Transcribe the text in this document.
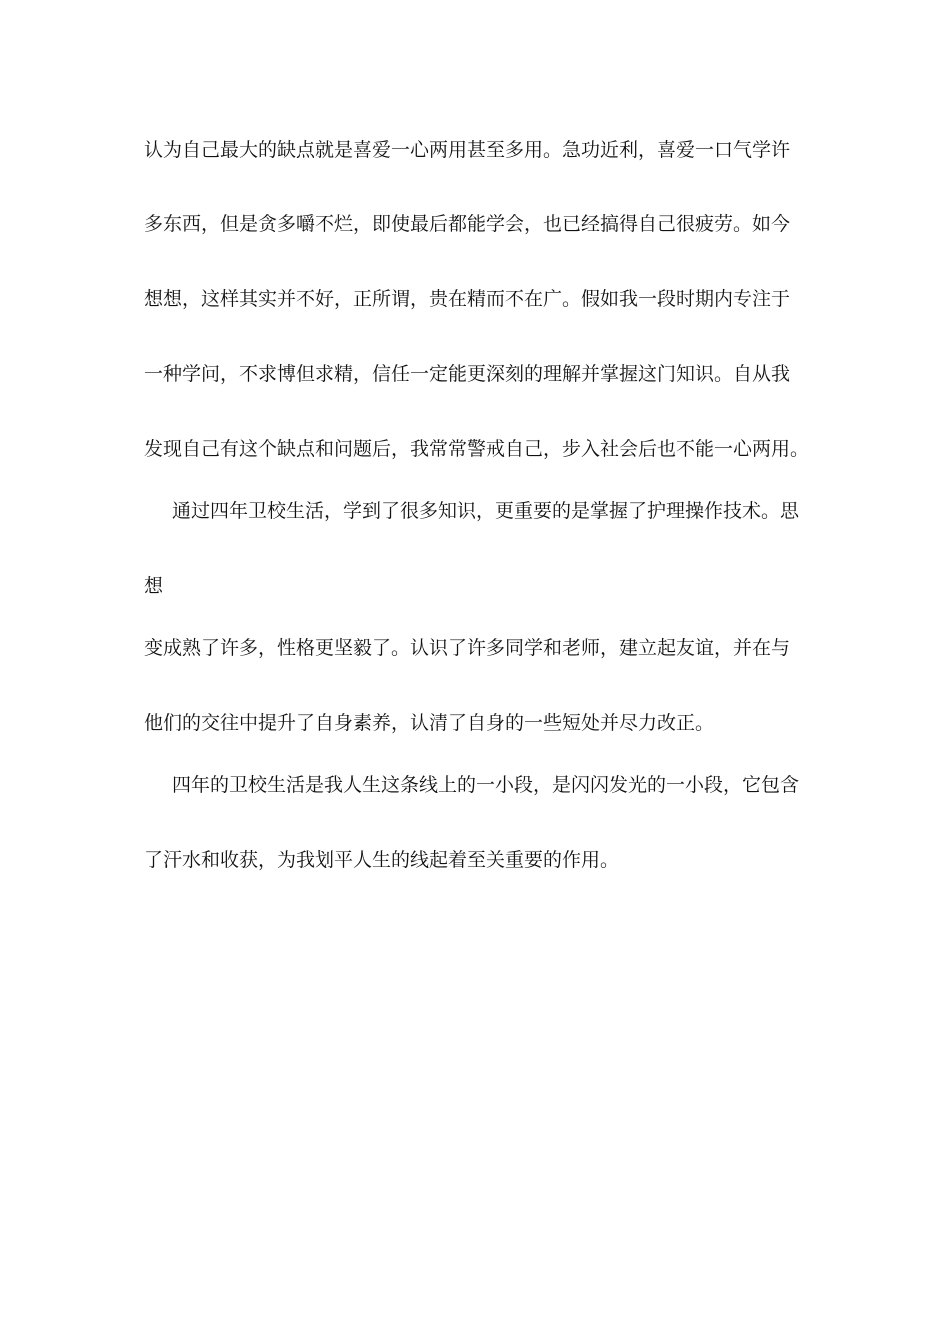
认为自己最大的缺点就是喜爱一心两用甚至多用。急功近利，喜爱一口气学许

多东西，但是贪多嚼不烂，即使最后都能学会，也已经搞得自己很疲劳。如今

想想，这样其实并不好，正所谓，贵在精而不在广。假如我一段时期内专注于

一种学问，不求博但求精，信任一定能更深刻的理解并掌握这门知识。自从我

发现自己有这个缺点和问题后，我常常警戒自己，步入社会后也不能一心两用。

通过四年卫校生活，学到了很多知识，更重要的是掌握了护理操作技术。思

想

变成熟了许多，性格更坚毅了。认识了许多同学和老师，建立起友谊，并在与

他们的交往中提升了自身素养，认清了自身的一些短处并尽力改正。

四年的卫校生活是我人生这条线上的一小段，是闪闪发光的一小段，它包含

了汗水和收获，为我划平人生的线起着至关重要的作用。
